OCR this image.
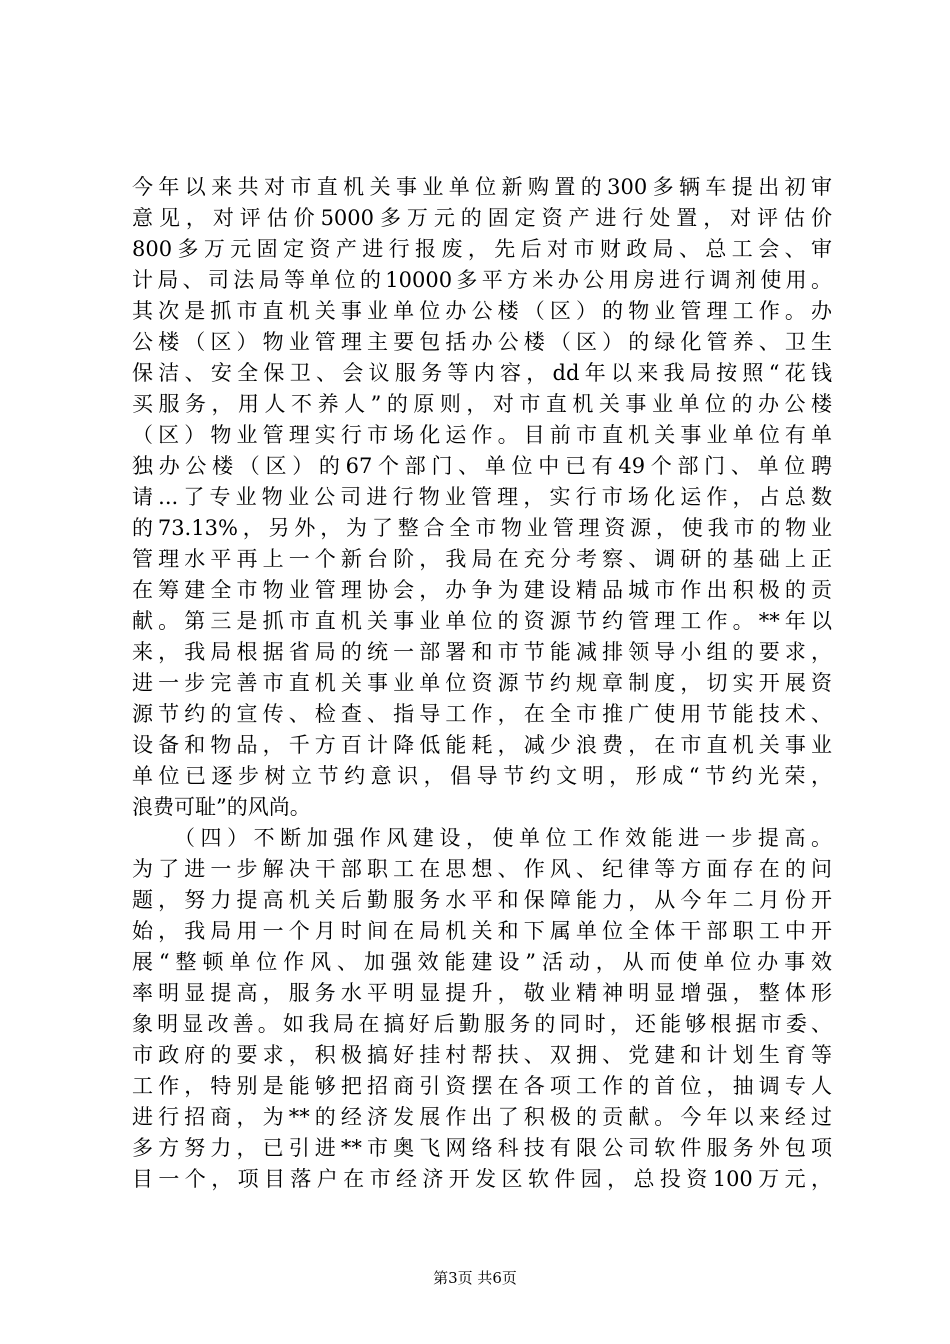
今年以来共对市直机关事业单位新购置的300多辆车提出初审
意见，对评估价5000多万元的固定资产进行处置，对评估价
800多万元固定资产进行报废，先后对市财政局、总工会、审
计局、司法局等单位的10000多平方米办公用房进行调剂使用。
其次是抓市直机关事业单位办公楼（区）的物业管理工作。办
公楼（区）物业管理主要包括办公楼（区）的绿化管养、卫生
保洁、安全保卫、会议服务等内容，dd年以来我局按照“花钱
买服务，用人不养人”的原则，对市直机关事业单位的办公楼
（区）物业管理实行市场化运作。目前市直机关事业单位有单
独办公楼（区）的67个部门、单位中已有49个部门、单位聘
请...了专业物业公司进行物业管理，实行市场化运作，占总数
的73.13%，另外，为了整合全市物业管理资源，使我市的物业
管理水平再上一个新台阶，我局在充分考察、调研的基础上正
在筹建全市物业管理协会，办争为建设精品城市作出积极的贡
献。第三是抓市直机关事业单位的资源节约管理工作。**年以
来，我局根据省局的统一部署和市节能减排领导小组的要求，
进一步完善市直机关事业单位资源节约规章制度，切实开展资
源节约的宣传、检查、指导工作，在全市推广使用节能技术、
设备和物品，千方百计降低能耗，减少浪费，在市直机关事业
单位已逐步树立节约意识，倡导节约文明，形成“节约光荣，
浪费可耻”的风尚。
（四）不断加强作风建设，使单位工作效能进一步提高。
为了进一步解决干部职工在思想、作风、纪律等方面存在的问
题，努力提高机关后勤服务水平和保障能力，从今年二月份开
始，我局用一个月时间在局机关和下属单位全体干部职工中开
展“整顿单位作风、加强效能建设”活动，从而使单位办事效
率明显提高，服务水平明显提升，敬业精神明显增强，整体形
象明显改善。如我局在搞好后勤服务的同时，还能够根据市委、
市政府的要求，积极搞好挂村帮扶、双拥、党建和计划生育等
工作，特别是能够把招商引资摆在各项工作的首位，抽调专人
进行招商，为**的经济发展作出了积极的贡献。今年以来经过
多方努力，已引进**市奥飞网络科技有限公司软件服务外包项
目一个，项目落户在市经济开发区软件园，总投资100万元，
第3页 共6页
